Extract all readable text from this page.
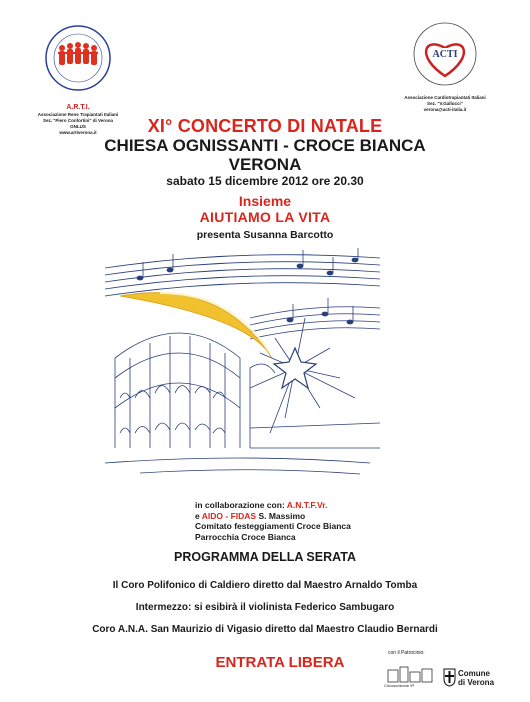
A.R.T.I.
Associazione Rene Trapiantati Italiani
Sez. "Piero Confortini" di Verona
ONLUS
www.artiverona.it
ACTI
Associazione Cardiotrapiantati Italiani
Sez. "V.Gallucci"
verona@acti-italia.it
XI° CONCERTO DI NATALE
CHIESA OGNISSANTI - CROCE BIANCA
VERONA
sabato 15 dicembre 2012 ore 20.30
Insieme
AIUTIAMO LA VITA
presenta Susanna Barcotto
in collaborazione con: A.N.T.F.Vr.
e AIDO - FIDAS S. Massimo
Comitato festeggiamenti Croce Bianca
Parrocchia Croce Bianca
PROGRAMMA DELLA SERATA
Il Coro Polifonico di Caldiero diretto dal Maestro Arnaldo Tomba
Intermezzo: si esibirà il violinista Federico Sambugaro
Coro A.N.A. San Maurizio di Vigasio diretto dal Maestro Claudio Bernardi
ENTRATA LIBERA
con il Patrocinio:
Circoscrizione 5ª
Comune
di Verona
